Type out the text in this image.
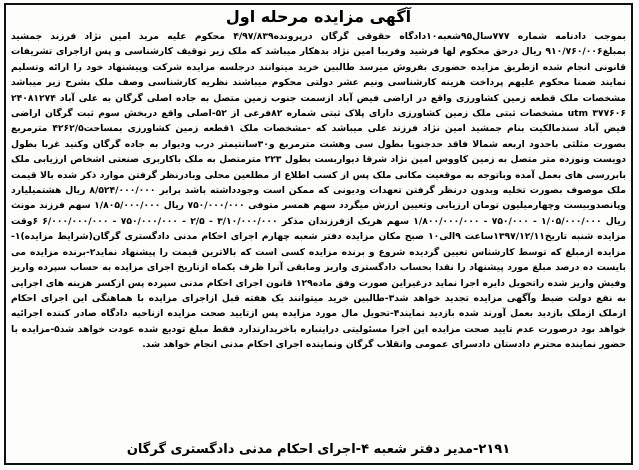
آگهی مزایده مرحله اول
بموجب دادنامه شماره ۷۷۷سال۹۵شعبه۱۰دادگاه حقوقی گرگان درپرونده۴/۹۷/۸۳۹ محکوم علیه مرید امین نژاد فرزند جمشید بمبلغ۹۱۰/۷۶۰/۰۰۶ ریال درحق محکوم لها فرشید وفریبا امین نژاد بدهکار میباشد که ملک زیر توقیف کارشناسی و پس ازاجرای تشریفات قانونی انجام شده ازطریق مزایده حضوری بفروش میرسد طالبین خرید میتوانند درجلسه مزایده شرکت وپیشنهاد خود را ارائه وتسلیم نمایند ضمنا محکوم علیهم پرداخت هزینه کارشناسی ونیم عشر دولتی محکوم میباشند نظریه کارشناسی وصف ملک بشرح زیر میباشد مشخصات ملک قطعه زمین کشاورزی واقع در اراضی فیض آباد ازسمت جنوب زمین متصل به جاده اصلی گرگان به علی آباد ۲۴۰۸۱۲۷۴ utm ۳۷۷۶۰۶ مشخصات ثبتی ملک زمین کشاورزی دارای پلاک ثبتی شماره ۸۲فرعی از ۵۲-اصلی واقع دربخش سوم ثبت گرگان اراضی فیض آباد سندمالکیت بنام جمشید امین نژاد فرزند علی میباشد که -مشخصات ملک ۱قطعه زمین کشاورزی بمساحت۴۲۶۲/۵ مترمربع بصورت مثلثی باحدود اربعه شمالا فاقد حدجنوبا بطول سی وهشت مترمربع و۳۰سانتیمتر درب ودیوار به جاده گرگان وکنید غربا بطول دویست ونوزده متر متصل به زمین کاووس امین نژاد شرقا دیواربست بطول ۲۲۳ مترمتصل به ملک باکاربری صنعتی اشخاص ارزیابی ملک بابررسی های بعمل آمده وباتوجه به موقعیت مکانی ملک پس از کسب اطلاع از مطلعین محلی وبادرنظر گرفتن موارد ذکر شده بالا قیمت ملک موصوف بصورت تخلیه وبدون درنظر گرفتن تعهدات ودیونی که ممکن است وجودداشته باشد برابر ۸/۵۲۴/۰۰۰/۰۰۰ ریال هشتمیلیارد وپانصدوبیست وچهارمیلیون تومان ارزیابی وتعیین ارزش میگردد سهم همسر متوفی ۷۵۰/۰۰۰/۰۰۰ ریال ۱/۸۰۵/۰۰۰/۰۰۰ سهم فرزند مونث ریال ۱/۰۵/۰۰۰/۰۰۰ - ۷۵۰/۰۰۰ - ۱/۸۰۰/۰۰۰/۰۰۰ سهم هریک ازفرزندان مذکر ۳/۱۰/۰۰۰/۰۰۰ - ۲/۵ - ۷۵۰/۰۰۰/۰۰۰ - ۶/۰۰۰/۰۰۰/۰۰۰ ۶وقت مزایده شنبه تاریخ۱۳۹۷/۱۲/۱۱ساعت ۹الی۱۰ صبح مکان مزایده دفتر شعبه چهارم اجرای احکام مدنی دادگستری گرگان(شرایط مزایده)۱-مزایده ازمبلغ که توسط کارشناس تعیین گردیده شروع و برنده مزایده کسی است که بالاترین قیمت را پیشنهاد نماید۲-برنده مزایده می بایست ده درصد مبلغ مورد پیشنهاد را نقدا بحساب دادگستری واریز ومابقی آنرا ظرف یکماه ازتاریخ اجرای مزایده به حساب سپرده واریز وفیش واریز شده راتحویل دایره اجرا نماید درغیراین صورت وفق ماده۱۲۹ قانون اجرای احکام مدنی سپرده پس ازکسر هزینه های اجرایی به نفع دولت ضبط وآگهی مزایده تجدید خواهد شد۳-طالبین خرید میتوانند یک هفته قبل ازاجرای مزایده با هماهنگی این اجرای احکام ازملک ازملک بازدید بعمل آورند شده بازدید نمایند۴-تحویل مال مورد مزایده پس ازتایید صحت مزایده ازناحیه دادگاه صادر کننده اجرائیه خواهد بود درصورت عدم تایید صحت مزایده این اجرا مسئولیتی دراینباره باخریدارندارد فقط مبلغ تودیع شده عودت خواهد شد۵-مزایده با حضور نماینده محترم دادستان دادسرای عمومی وانقلاب گرگان ونماینده اجرای احکام مدنی انجام خواهد شد.
۲۱۹۱-مدیر دفتر شعبه ۴-اجرای احکام مدنی دادگستری گرگان
